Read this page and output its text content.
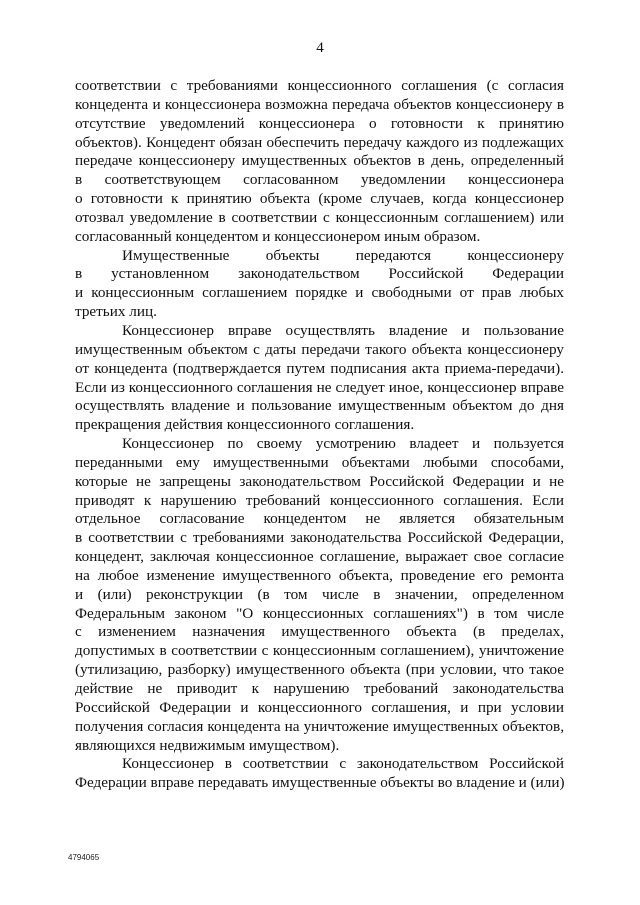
4
соответствии с требованиями концессионного соглашения (с согласия
концедента и концессионера возможна передача объектов концессионеру в
отсутствие уведомлений концессионера о готовности к принятию
объектов). Концедент обязан обеспечить передачу каждого из подлежащих
передаче концессионеру имущественных объектов в день, определенный
в соответствующем согласованном уведомлении концессионера
о готовности к принятию объекта (кроме случаев, когда концессионер
отозвал уведомление в соответствии с концессионным соглашением) или
согласованный концедентом и концессионером иным образом.
Имущественные объекты передаются концессионеру
в установленном законодательством Российской Федерации
и концессионным соглашением порядке и свободными от прав любых
третьих лиц.
Концессионер вправе осуществлять владение и пользование
имущественным объектом с даты передачи такого объекта концессионеру
от концедента (подтверждается путем подписания акта приема-передачи).
Если из концессионного соглашения не следует иное, концессионер вправе
осуществлять владение и пользование имущественным объектом до дня
прекращения действия концессионного соглашения.
Концессионер по своему усмотрению владеет и пользуется
переданными ему имущественными объектами любыми способами,
которые не запрещены законодательством Российской Федерации и не
приводят к нарушению требований концессионного соглашения. Если
отдельное согласование концедентом не является обязательным
в соответствии с требованиями законодательства Российской Федерации,
концедент, заключая концессионное соглашение, выражает свое согласие
на любое изменение имущественного объекта, проведение его ремонта
и (или) реконструкции (в том числе в значении, определенном
Федеральным законом "О концессионных соглашениях") в том числе
с изменением назначения имущественного объекта (в пределах,
допустимых в соответствии с концессионным соглашением), уничтожение
(утилизацию, разборку) имущественного объекта (при условии, что такое
действие не приводит к нарушению требований законодательства
Российской Федерации и концессионного соглашения, и при условии
получения согласия концедента на уничтожение имущественных объектов,
являющихся недвижимым имуществом).
Концессионер в соответствии с законодательством Российской
Федерации вправе передавать имущественные объекты во владение и (или)
4794065
